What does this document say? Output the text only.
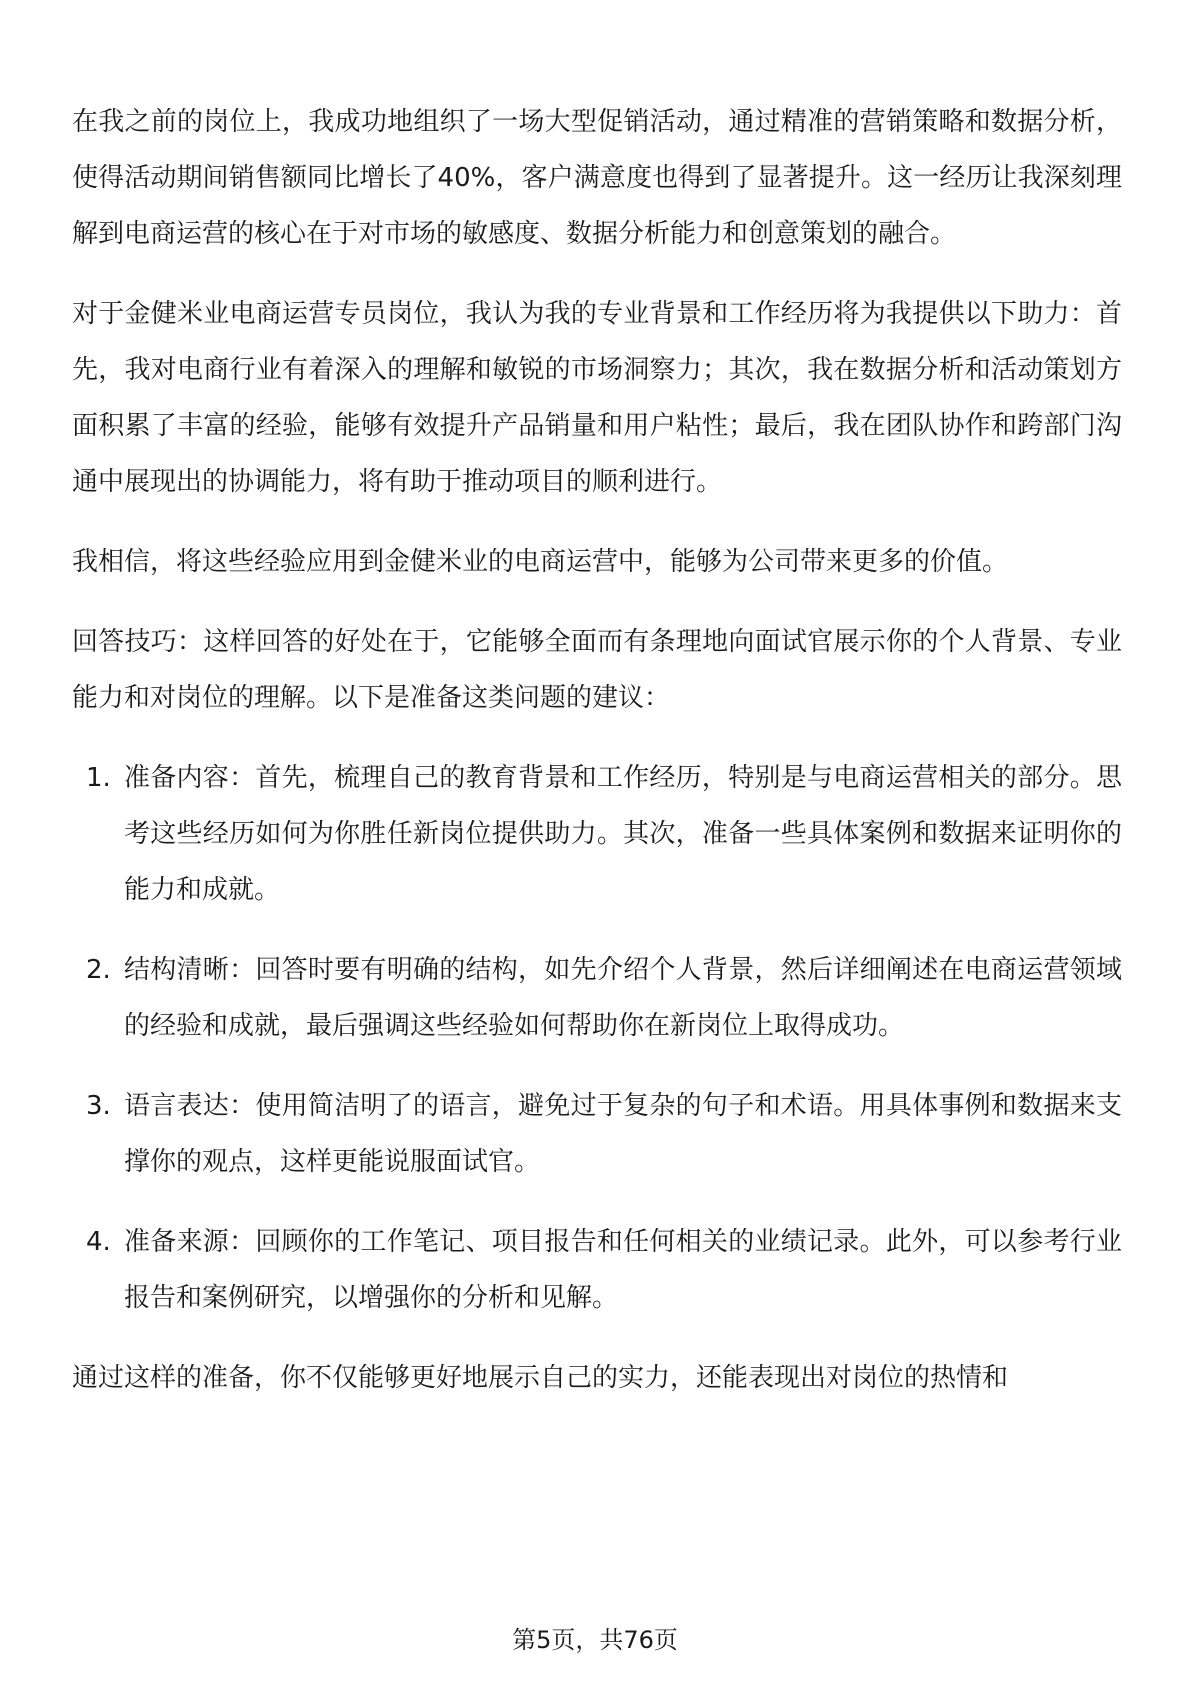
在我之前的岗位上，我成功地组织了一场大型促销活动，通过精准的营销策略和数据分析，使得活动期间销售额同比增长了40%，客户满意度也得到了显著提升。这一经历让我深刻理解到电商运营的核心在于对市场的敏感度、数据分析能力和创意策划的融合。

对于金健米业电商运营专员岗位，我认为我的专业背景和工作经历将为我提供以下助力：首先，我对电商行业有着深入的理解和敏锐的市场洞察力；其次，我在数据分析和活动策划方面积累了丰富的经验，能够有效提升产品销量和用户粘性；最后，我在团队协作和跨部门沟通中展现出的协调能力，将有助于推动项目的顺利进行。

我相信，将这些经验应用到金健米业的电商运营中，能够为公司带来更多的价值。

回答技巧：这样回答的好处在于，它能够全面而有条理地向面试官展示你的个人背景、专业能力和对岗位的理解。以下是准备这类问题的建议：

1. 准备内容：首先，梳理自己的教育背景和工作经历，特别是与电商运营相关的部分。思考这些经历如何为你胜任新岗位提供助力。其次，准备一些具体案例和数据来证明你的能力和成就。
2. 结构清晰：回答时要有明确的结构，如先介绍个人背景，然后详细阐述在电商运营领域的经验和成就，最后强调这些经验如何帮助你在新岗位上取得成功。
3. 语言表达：使用简洁明了的语言，避免过于复杂的句子和术语。用具体事例和数据来支撑你的观点，这样更能说服面试官。
4. 准备来源：回顾你的工作笔记、项目报告和任何相关的业绩记录。此外，可以参考行业报告和案例研究，以增强你的分析和见解。

通过这样的准备，你不仅能够更好地展示自己的实力，还能表现出对岗位的热情和

第5页，共76页
